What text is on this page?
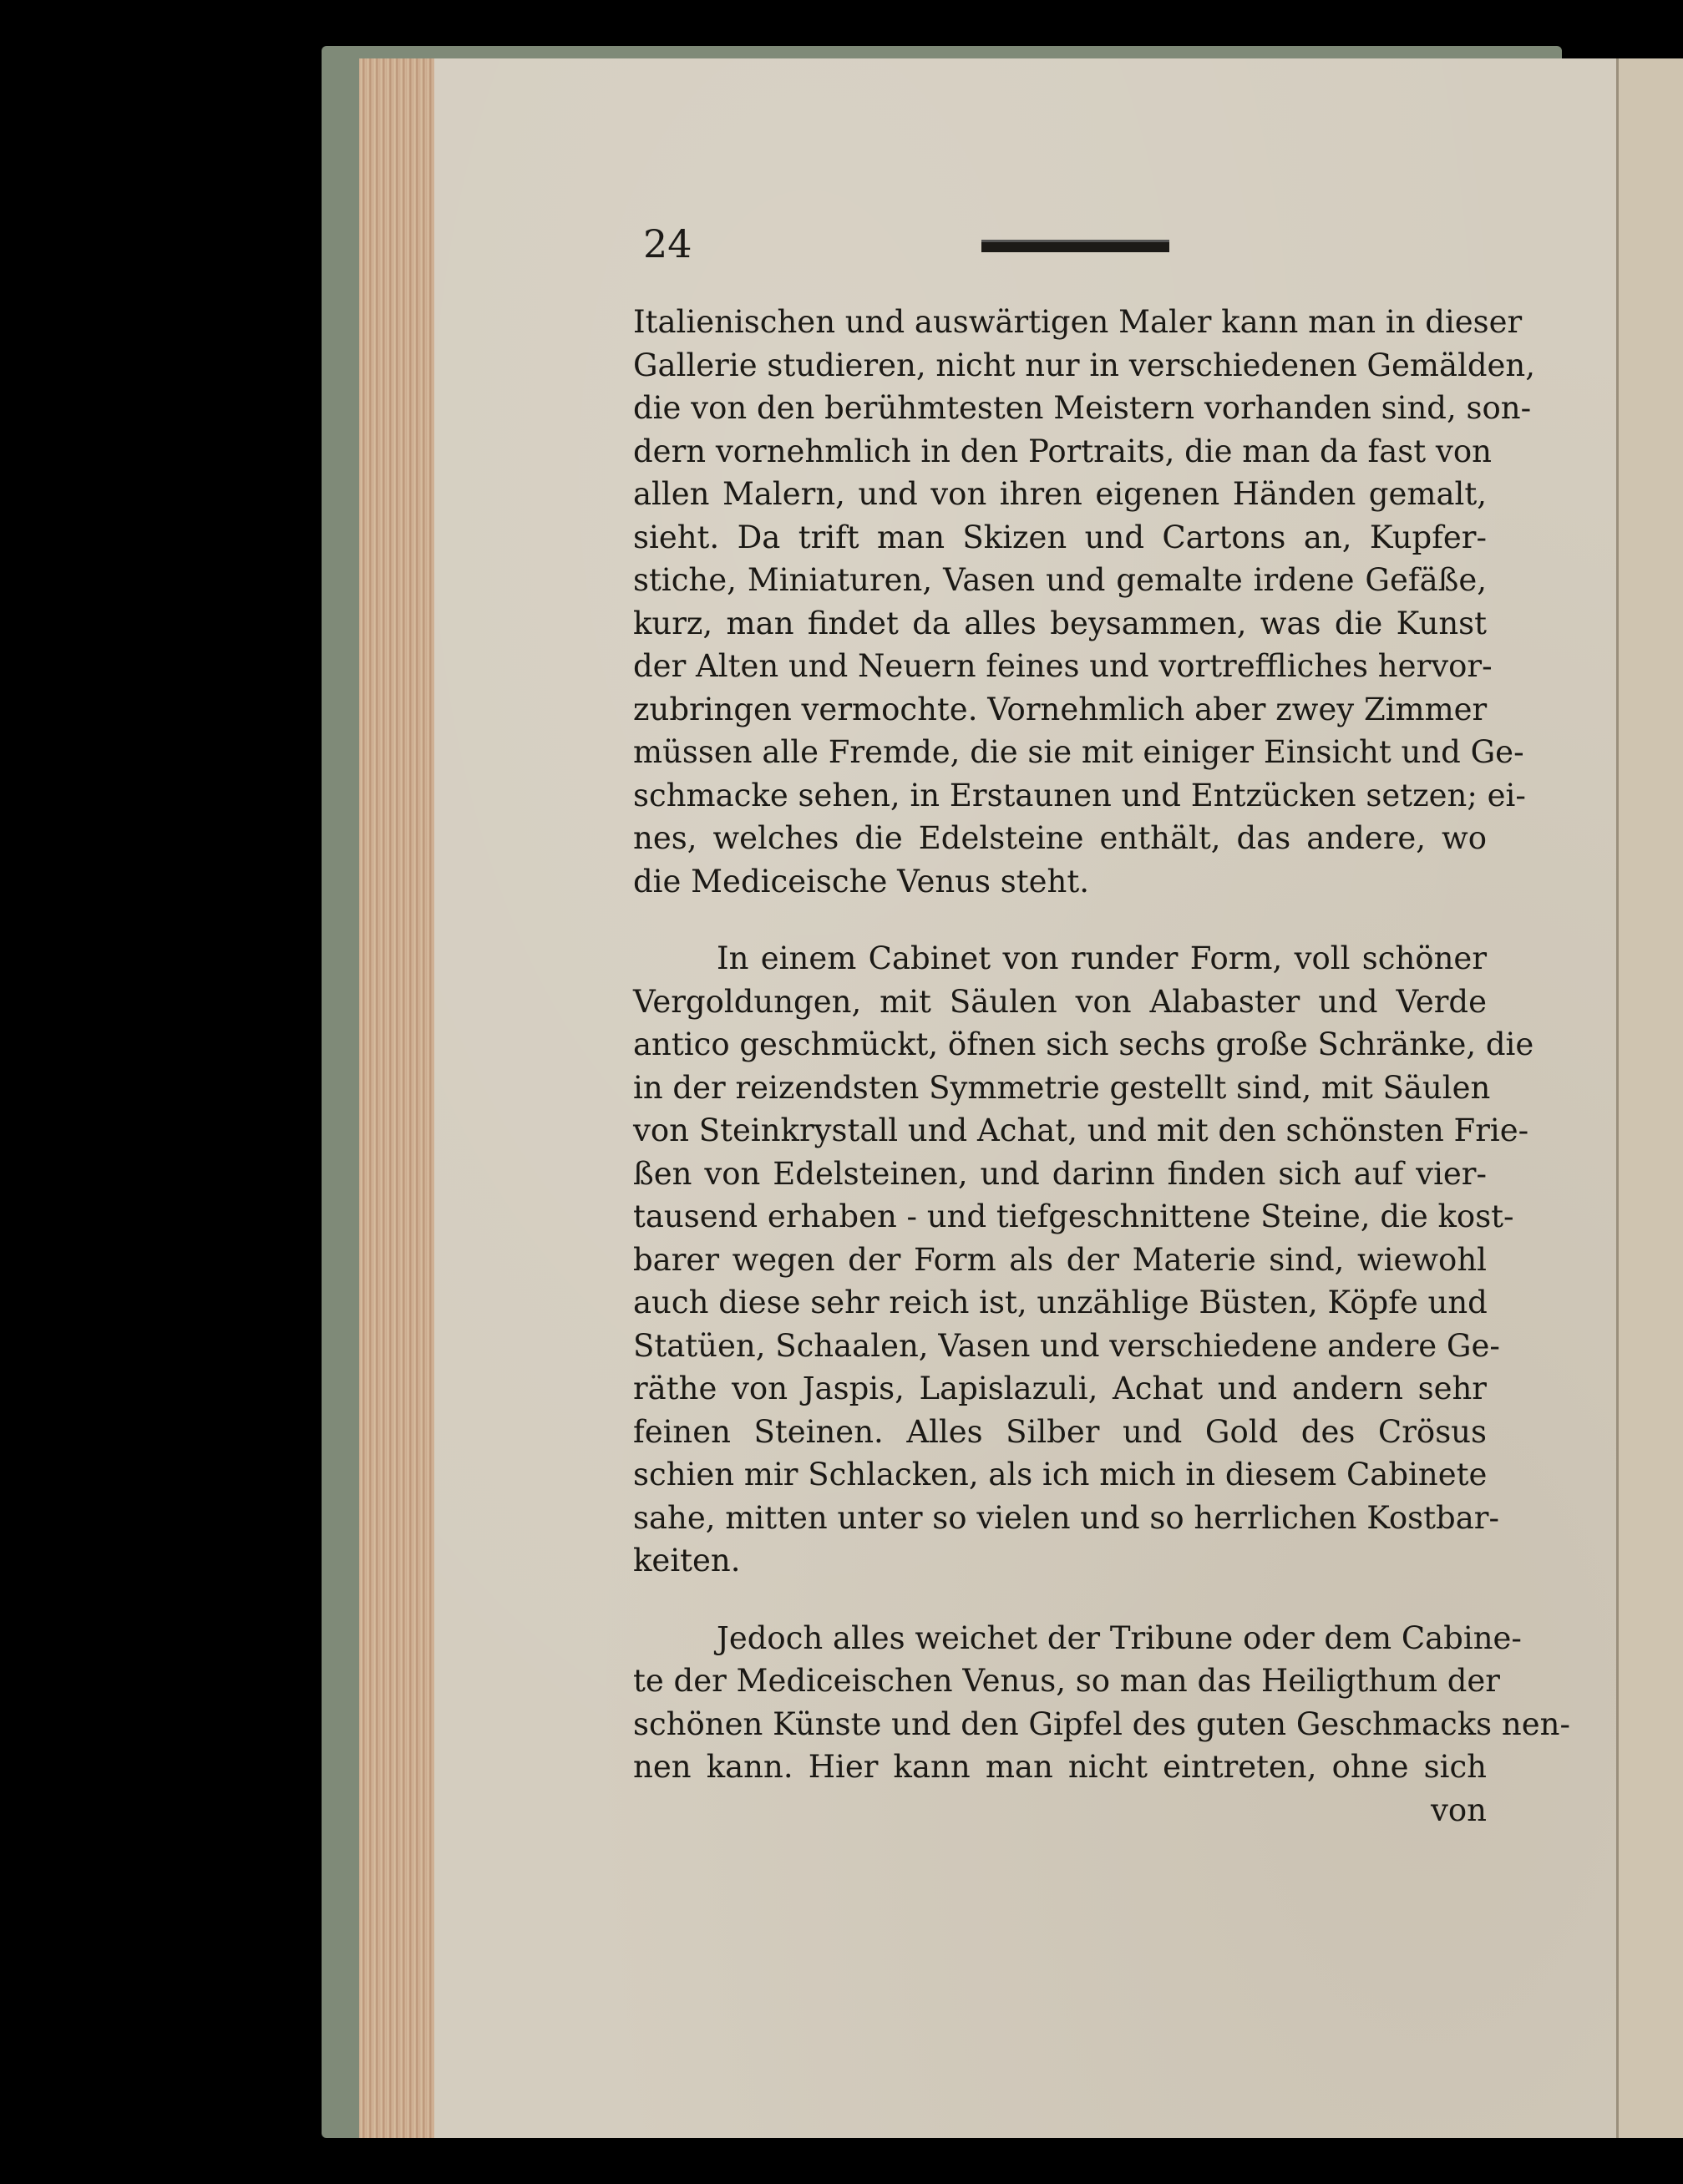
24
Italienischen und auswärtigen Maler kann man in dieser
Gallerie studieren, nicht nur in verschiedenen Gemälden,
die von den berühmtesten Meistern vorhanden sind, son-
dern vornehmlich in den Portraits, die man da fast von
allen Malern, und von ihren eigenen Händen gemalt,
sieht. Da trift man Skizen und Cartons an, Kupfer-
stiche, Miniaturen, Vasen und gemalte irdene Gefäße,
kurz, man findet da alles beysammen, was die Kunst
der Alten und Neuern feines und vortreffliches hervor-
zubringen vermochte. Vornehmlich aber zwey Zimmer
müssen alle Fremde, die sie mit einiger Einsicht und Ge-
schmacke sehen, in Erstaunen und Entzücken setzen; ei-
nes, welches die Edelsteine enthält, das andere, wo
die Mediceische Venus steht.
In einem Cabinet von runder Form, voll schöner
Vergoldungen, mit Säulen von Alabaster und Verde
antico geschmückt, öfnen sich sechs große Schränke, die
in der reizendsten Symmetrie gestellt sind, mit Säulen
von Steinkrystall und Achat, und mit den schönsten Frie-
ßen von Edelsteinen, und darinn finden sich auf vier-
tausend erhaben - und tiefgeschnittene Steine, die kost-
barer wegen der Form als der Materie sind, wiewohl
auch diese sehr reich ist, unzählige Büsten, Köpfe und
Statüen, Schaalen, Vasen und verschiedene andere Ge-
räthe von Jaspis, Lapislazuli, Achat und andern sehr
feinen Steinen. Alles Silber und Gold des Crösus
schien mir Schlacken, als ich mich in diesem Cabinete
sahe, mitten unter so vielen und so herrlichen Kostbar-
keiten.
Jedoch alles weichet der Tribune oder dem Cabine-
te der Mediceischen Venus, so man das Heiligthum der
schönen Künste und den Gipfel des guten Geschmacks nen-
nen kann. Hier kann man nicht eintreten, ohne sich
von
